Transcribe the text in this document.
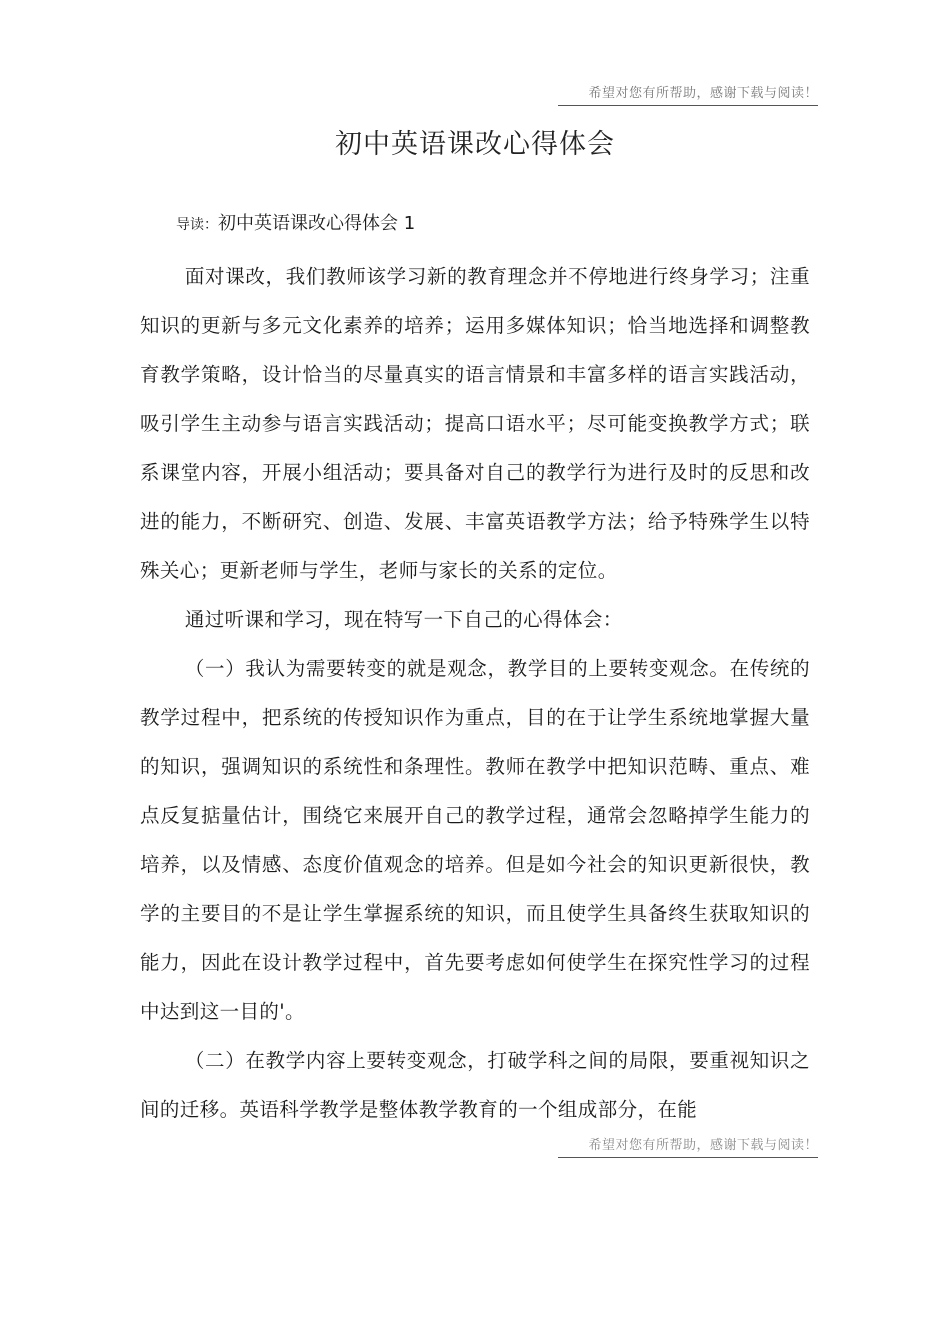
希望对您有所帮助，感谢下载与阅读！
初中英语课改心得体会
导读：初中英语课改心得体会 1

面对课改，我们教师该学习新的教育理念并不停地进行终身学习；注重知识的更新与多元文化素养的培养；运用多媒体知识；恰当地选择和调整教育教学策略，设计恰当的尽量真实的语言情景和丰富多样的语言实践活动，吸引学生主动参与语言实践活动；提高口语水平；尽可能变换教学方式；联系课堂内容，开展小组活动；要具备对自己的教学行为进行及时的反思和改进的能力，不断研究、创造、发展、丰富英语教学方法；给予特殊学生以特殊关心；更新老师与学生，老师与家长的关系的定位。

通过听课和学习，现在特写一下自己的心得体会：

（一）我认为需要转变的就是观念，教学目的上要转变观念。在传统的教学过程中，把系统的传授知识作为重点，目的在于让学生系统地掌握大量的知识，强调知识的系统性和条理性。教师在教学中把知识范畴、重点、难点反复掂量估计，围绕它来展开自己的教学过程，通常会忽略掉学生能力的培养，以及情感、态度价值观念的培养。但是如今社会的知识更新很快，教学的主要目的不是让学生掌握系统的知识，而且使学生具备终生获取知识的能力，因此在设计教学过程中，首先要考虑如何使学生在探究性学习的过程中达到这一目的'。

（二）在教学内容上要转变观念，打破学科之间的局限，要重视知识之间的迁移。英语科学教学是整体教学教育的一个组成部分，在能

希望对您有所帮助，感谢下载与阅读！
